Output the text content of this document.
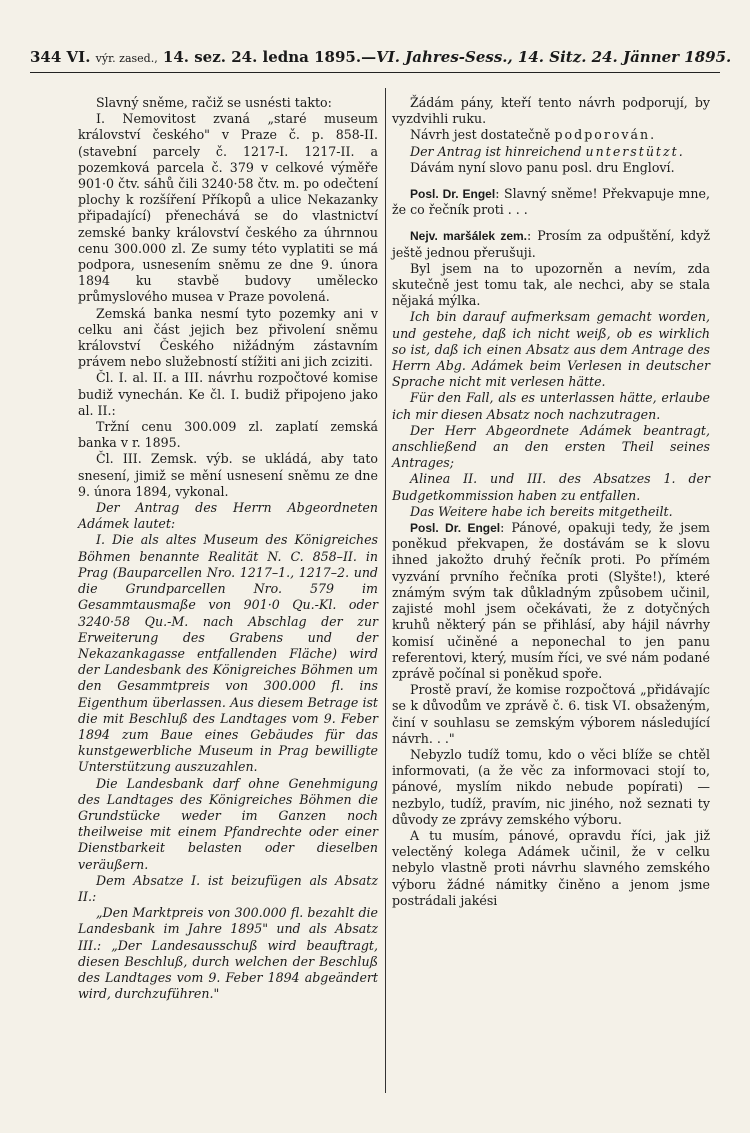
344 VI. výr. zased., 14. sez. 24. ledna 1895. — VI. Jahres-Sess., 14. Sitz. 24. Jänner 1895.

Slavný sněme, račiž se usnésti takto:

I. Nemovitost zvaná „staré museum království českého" v Praze č. p. 858-II. (stavební parcely č. 1217-I. 1217-II. a pozemková parcela č. 379 v celkové výměře 901·0 čtv. sáhů čili 3240·58 čtv. m. po odečtení plochy k rozšíření Příkopů a ulice Nekazanky připadající) přenechává se do vlastnictví zemské banky království českého za úhrnnou cenu 300.000 zl. Ze sumy této vyplatiti se má podpora, usnesením sněmu ze dne 9. února 1894 ku stavbě budovy umělecko průmyslového musea v Praze povolená.

Zemská banka nesmí tyto pozemky ani v celku ani část jejich bez přivolení sněmu království Českého nižádným zástavním právem nebo služebností stížiti ani jich zciziti.

Čl. I. al. II. a III. návrhu rozpočtové komise budiž vynechán. Ke čl. I. budiž připojeno jako al. II.:

Tržní cenu 300.009 zl. zaplatí zemská banka v r. 1895.

Čl. III. Zemsk. výb. se ukládá, aby tato snesení, jimiž se mění usnesení sněmu ze dne 9. února 1894, vykonal.

Der Antrag des Herrn Abgeordneten Adámek lautet:

I. Die als altes Museum des Königreiches Böhmen benannte Realität N. C. 858–II. in Prag (Bauparcellen Nro. 1217–1., 1217–2. und die Grundparcellen Nro. 579 im Gesammtausmaße von 901·0 Qu.-Kl. oder 3240·58 Qu.-M. nach Abschlag der zur Erweiterung des Grabens und der Nekazankagasse entfallenden Fläche) wird der Landesbank des Königreiches Böhmen um den Gesammtpreis von 300.000 fl. ins Eigenthum überlassen. Aus diesem Betrage ist die mit Beschluß des Landtages vom 9. Feber 1894 zum Baue eines Gebäudes für das kunstgewerbliche Museum in Prag bewilligte Unterstützung auszuzahlen.

Die Landesbank darf ohne Genehmigung des Landtages des Königreiches Böhmen die Grundstücke weder im Ganzen noch theilweise mit einem Pfandrechte oder einer Dienstbarkeit belasten oder dieselben veräußern.

Dem Absatze I. ist beizufügen als Absatz II.:

„Den Marktpreis von 300.000 fl. bezahlt die Landesbank im Jahre 1895" und als Absatz III.: „Der Landesausschuß wird beauftragt, diesen Beschluß, durch welchen der Beschluß des Landtages vom 9. Feber 1894 abgeändert wird, durchzuführen."

Žádám pány, kteří tento návrh podporují, by vyzdvihli ruku.

Návrh jest dostatečně podporován.

Der Antrag ist hinreichend unterstützt.

Dávám nyní slovo panu posl. dru Engloví.

Posl. Dr. Engel: Slavný sněme! Překvapuje mne, že co řečník proti . . .

Nejv. maršálek zem.: Prosím za odpuštění, když ještě jednou přerušuji.

Byl jsem na to upozorněn a nevím, zda skutečně jest tomu tak, ale nechci, aby se stala nějaká mýlka.

Ich bin darauf aufmerksam gemacht worden, und gestehe, daß ich nicht weiß, ob es wirklich so ist, daß ich einen Absatz aus dem Antrage des Herrn Abg. Adámek beim Verlesen in deutscher Sprache nicht mit verlesen hätte.

Für den Fall, als es unterlassen hätte, erlaube ich mir diesen Absatz noch nachzutragen.

Der Herr Abgeordnete Adámek beantragt, anschließend an den ersten Theil seines Antrages;

Alinea II. und III. des Absatzes 1. der Budgetkommission haben zu entfallen.

Das Weitere habe ich bereits mitgetheilt.

Posl. Dr. Engel: Pánové, opakuji tedy, že jsem poněkud překvapen, že dostávám se k slovu ihned jakožto druhý řečník proti. Po přímém vyzvání prvního řečníka proti (Slyšte!), které známým svým tak důkladným způsobem učinil, zajisté mohl jsem očekávati, že z dotyčných kruhů některý pán se přihlásí, aby hájil návrhy komisí učiněné a neponechal to jen panu referentovi, který, musím říci, ve své nám podané zprávě počínal si poněkud spoře.

Prostě praví, že komise rozpočtová „přidávajíc se k důvodům ve zprávě č. 6. tisk VI. obsaženým, činí v souhlasu se zemským výborem následující návrh. . ."

Nebyzlo tudíž tomu, kdo o věci blíže se chtěl informovati, (a že věc za informovaci stojí to, pánové, myslím nikdo nebude popírati) — nezbylo, tudíž, pravím, nic jiného, nož seznati ty důvody ze zprávy zemského výboru.

A tu musím, pánové, opravdu říci, jak již velectěný kolega Adámek učinil, že v celku nebylo vlastně proti návrhu slavného zemského výboru žádné námitky činěno a jenom jsme postrádali jakési
